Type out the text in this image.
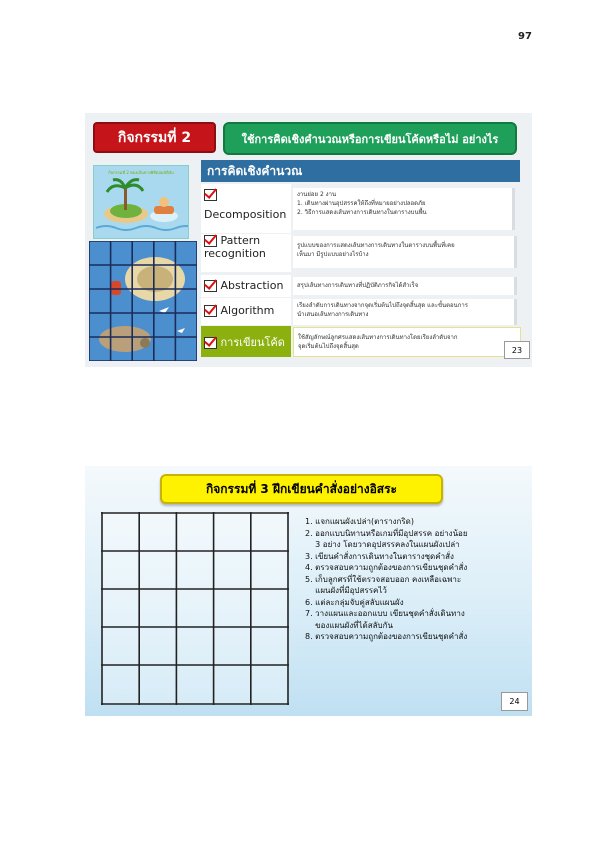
97
กิจกรรมที่ 2	ใช้การคิดเชิงคำนวณหรือการเขียนโค้ดหรือไม่ อย่างไร
กิจกรรมที่ 2 ท่องเส้นทางพิชิตสมบัติลับ	การคิดเชิงคำนวณ
Decomposition
งานย่อย 2 งาน
1. เดินทางผ่านอุปสรรคให้ถึงที่หมายอย่างปลอดภัย
2. วิธีการแสดงเส้นทางการเดินทางในตารางบนพื้น
Pattern recognition
รูปแบบของการแสดงเส้นทางการเดินทางในตารางบนพื้นที่เคย
เห็นมา มีรูปแบบอย่างไรบ้าง
Abstraction	สรุปเส้นทางการเดินทางที่ปฏิบัติภารกิจได้สำเร็จ
Algorithm	เรียงลำดับการเดินทางจากจุดเริ่มต้นไปถึงจุดสิ้นสุด และขั้นตอนการ
นำเสนอเส้นทางการเดินทาง
การเขียนโค้ด	ใช้สัญลักษณ์ลูกศรแสดงเส้นทางการเดินทางโดยเรียงลำดับจาก
จุดเริ่มต้นไปถึงจุดสิ้นสุด	23
กิจกรรมที่ 3 ฝึกเขียนคำสั่งอย่างอิสระ
1. แจกแผนผังเปล่า(ตารางกริด)
2. ออกแบบนิทานหรือเกมที่มีอุปสรรค อย่างน้อย
3 อย่าง โดยวาดอุปสรรคลงในแผนผังเปล่า
3. เขียนคำสั่งการเดินทางในตารางชุดคำสั่ง
4. ตรวจสอบความถูกต้องของการเขียนชุดคำสั่ง
5. เก็บลูกศรที่ใช้ตรวจสอบออก คงเหลือเฉพาะ
แผนผังที่มีอุปสรรคไว้
6. แต่ละกลุ่มจับคู่สลับแผนผัง
7. วางแผนและออกแบบ เขียนชุดคำสั่งเดินทาง
ของแผนผังที่ได้สลับกัน
8. ตรวจสอบความถูกต้องของการเขียนชุดคำสั่ง
24
